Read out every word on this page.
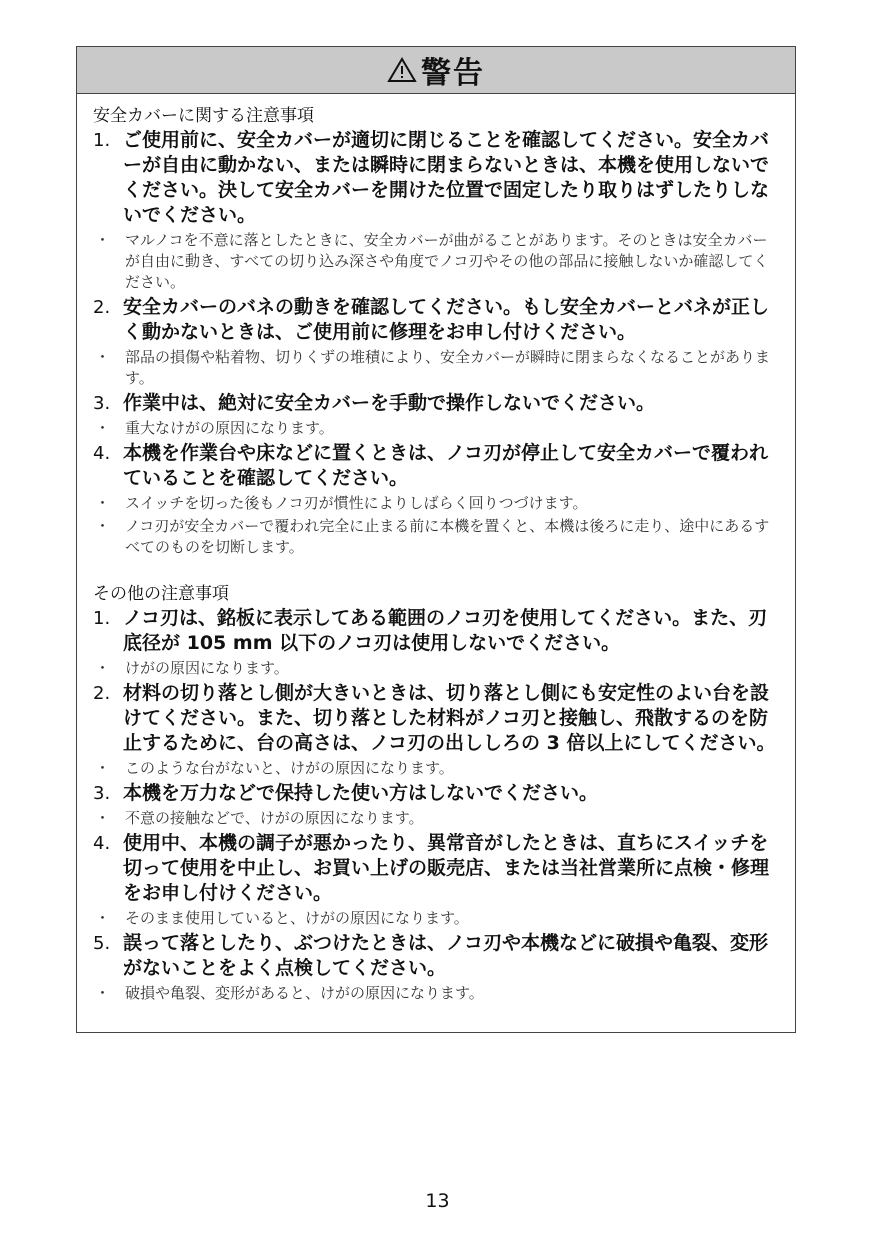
警告
安全カバーに関する注意事項
1. ご使用前に、安全カバーが適切に閉じることを確認してください。安全カバーが自由に動かない、または瞬時に閉まらないときは、本機を使用しないでください。決して安全カバーを開けた位置で固定したり取りはずしたりしないでください。
・ マルノコを不意に落としたときに、安全カバーが曲がることがあります。そのときは安全カバーが自由に動き、すべての切り込み深さや角度でノコ刃やその他の部品に接触しないか確認してください。
2. 安全カバーのバネの動きを確認してください。もし安全カバーとバネが正しく動かないときは、ご使用前に修理をお申し付けください。
・ 部品の損傷や粘着物、切りくずの堆積により、安全カバーが瞬時に閉まらなくなることがあります。
3. 作業中は、絶対に安全カバーを手動で操作しないでください。
・ 重大なけがの原因になります。
4. 本機を作業台や床などに置くときは、ノコ刃が停止して安全カバーで覆われていることを確認してください。
・ スイッチを切った後もノコ刃が慣性によりしばらく回りつづけます。
・ ノコ刃が安全カバーで覆われ完全に止まる前に本機を置くと、本機は後ろに走り、途中にあるすべてのものを切断します。
その他の注意事項
1. ノコ刃は、銘板に表示してある範囲のノコ刃を使用してください。また、刃底径が 105 mm 以下のノコ刃は使用しないでください。
・ けがの原因になります。
2. 材料の切り落とし側が大きいときは、切り落とし側にも安定性のよい台を設けてください。また、切り落とした材料がノコ刃と接触し、飛散するのを防止するために、台の高さは、ノコ刃の出ししろの 3 倍以上にしてください。
・ このような台がないと、けがの原因になります。
3. 本機を万力などで保持した使い方はしないでください。
・ 不意の接触などで、けがの原因になります。
4. 使用中、本機の調子が悪かったり、異常音がしたときは、直ちにスイッチを切って使用を中止し、お買い上げの販売店、または当社営業所に点検・修理をお申し付けください。
・ そのまま使用していると、けがの原因になります。
5. 誤って落としたり、ぶつけたときは、ノコ刃や本機などに破損や亀裂、変形がないことをよく点検してください。
・ 破損や亀裂、変形があると、けがの原因になります。
13
